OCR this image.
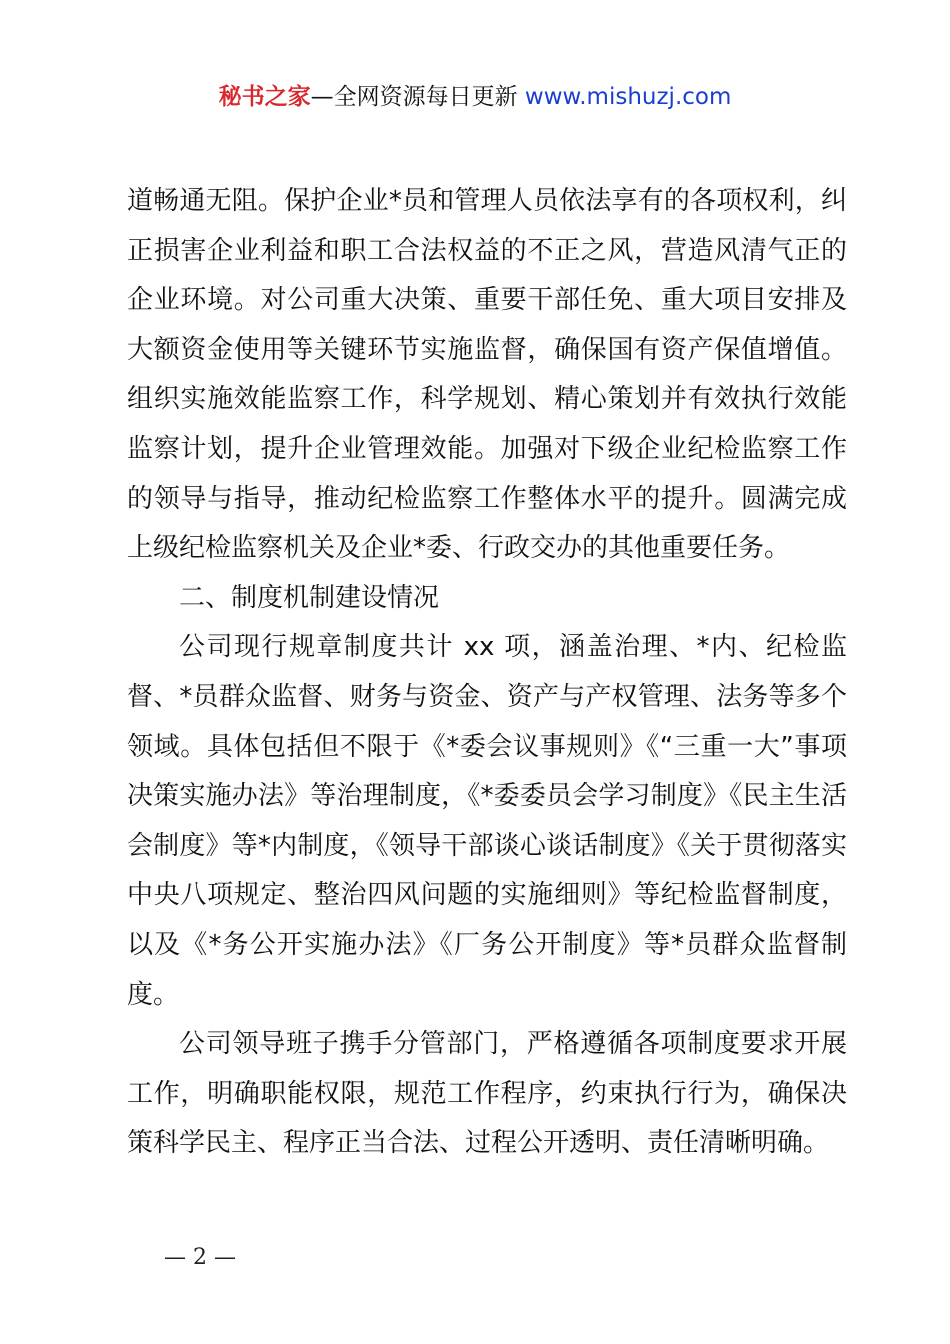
秘书之家—全网资源每日更新 www.mishuzj.com

道畅通无阻。保护企业*员和管理人员依法享有的各项权利，纠正损害企业利益和职工合法权益的不正之风，营造风清气正的企业环境。对公司重大决策、重要干部任免、重大项目安排及大额资金使用等关键环节实施监督，确保国有资产保值增值。组织实施效能监察工作，科学规划、精心策划并有效执行效能监察计划，提升企业管理效能。加强对下级企业纪检监察工作的领导与指导，推动纪检监察工作整体水平的提升。圆满完成上级纪检监察机关及企业*委、行政交办的其他重要任务。

二、制度机制建设情况

公司现行规章制度共计 xx 项，涵盖治理、*内、纪检监督、*员群众监督、财务与资金、资产与产权管理、法务等多个领域。具体包括但不限于《*委会议事规则》《“三重一大”事项决策实施办法》等治理制度，《*委委员会学习制度》《民主生活会制度》等*内制度，《领导干部谈心谈话制度》《关于贯彻落实中央八项规定、整治四风问题的实施细则》等纪检监督制度，以及《*务公开实施办法》《厂务公开制度》等*员群众监督制度。

公司领导班子携手分管部门，严格遵循各项制度要求开展工作，明确职能权限，规范工作程序，约束执行行为，确保决策科学民主、程序正当合法、过程公开透明、责任清晰明确。

— 2 —
